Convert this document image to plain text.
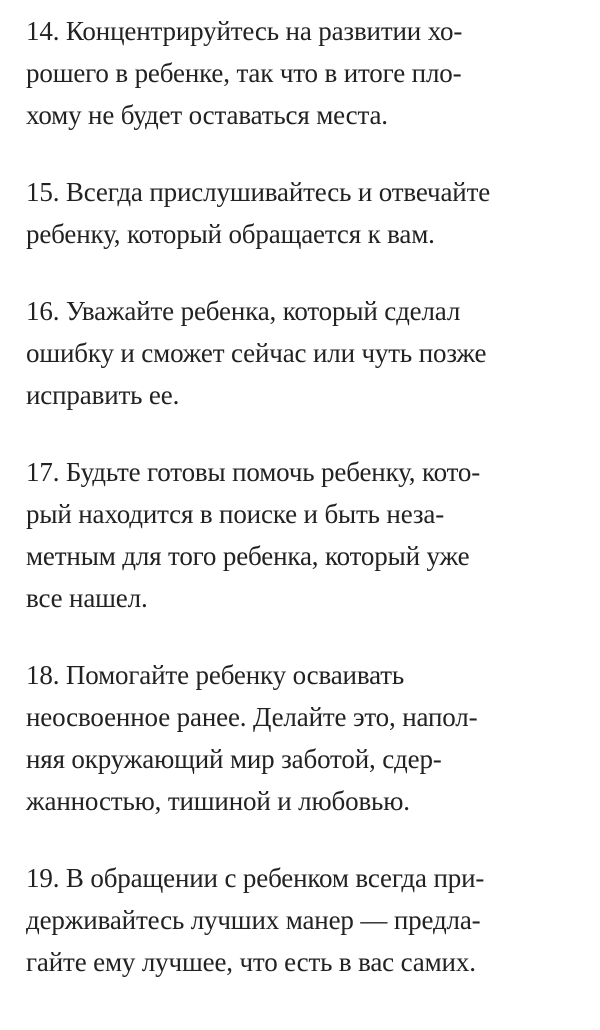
14. Концентрируйтесь на развитии хо-
рошего в ребенке, так что в итоге пло-
хому не будет оставаться места.

15. Всегда прислушивайтесь и отвечайте
ребенку, который обращается к вам.

16. Уважайте ребенка, который сделал
ошибку и сможет сейчас или чуть позже
исправить ее.

17. Будьте готовы помочь ребенку, кото-
рый находится в поиске и быть неза-
метным для того ребенка, который уже
все нашел.

18. Помогайте ребенку осваивать
неосвоенное ранее. Делайте это, напол-
няя окружающий мир заботой, сдер-
жанностью, тишиной и любовью.

19. В обращении с ребенком всегда при-
держивайтесь лучших манер — предла-
гайте ему лучшее, что есть в вас самих.
